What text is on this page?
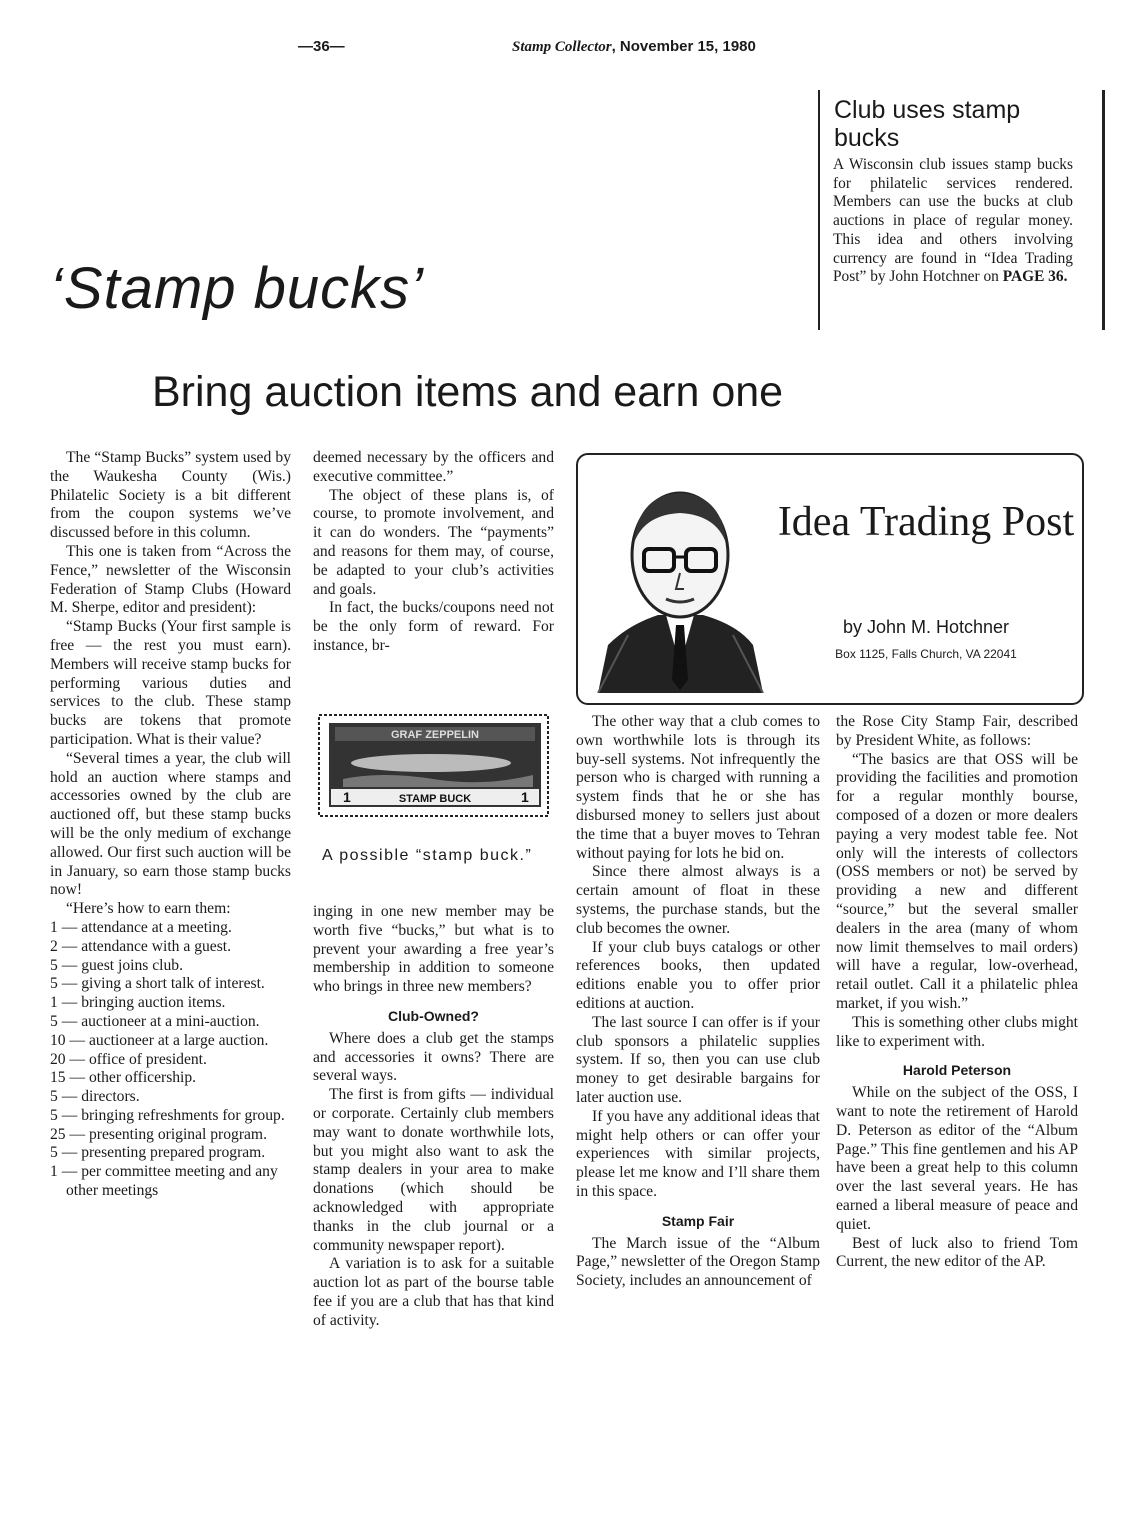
—36—	Stamp Collector, November 15, 1980
Club uses stamp bucks
A Wisconsin club issues stamp bucks for philatelic services rendered. Members can use the bucks at club auctions in place of regular money. This idea and others involving currency are found in “Idea Trading Post” by John Hotchner on PAGE 36.
‘Stamp bucks’
Bring auction items and earn one

The “Stamp Bucks” system used by the Waukesha County (Wis.) Philatelic Society is a bit different from the coupon systems we’ve discussed before in this column.

This one is taken from “Across the Fence,” newsletter of the Wisconsin Federation of Stamp Clubs (Howard M. Sherpe, editor and president):

“Stamp Bucks (Your first sample is free — the rest you must earn). Members will receive stamp bucks for performing various duties and services to the club. These stamp bucks are tokens that promote participation. What is their value?

“Several times a year, the club will hold an auction where stamps and accessories owned by the club are auctioned off, but these stamp bucks will be the only medium of exchange allowed. Our first such auction will be in January, so earn those stamp bucks now!

“Here’s how to earn them:

1 — attendance at a meeting.

2 — attendance with a guest.

5 — guest joins club.

5 — giving a short talk of interest.

1 — bringing auction items.

5 — auctioneer at a mini-auction.

10 — auctioneer at a large auction.

20 — office of president.

15 — other officership.

5 — directors.

5 — bringing refreshments for group.

25 — presenting original program.

5 — presenting prepared program.

1 — per committee meeting and any other meetings

deemed necessary by the officers and executive committee.”

The object of these plans is, of course, to promote involvement, and it can do wonders. The “payments” and reasons for them may, of course, be adapted to your club’s activities and goals.

In fact, the bucks/coupons need not be the only form of reward. For instance, br-

GRAF ZEPPELIN
1	STAMP BUCK	1
A possible “stamp buck.”

inging in one new member may be worth five “bucks,” but what is to prevent your awarding a free year’s membership in addition to someone who brings in three new members?

Club-Owned?

Where does a club get the stamps and accessories it owns? There are several ways.

The first is from gifts — individual or corporate. Certainly club members may want to donate worthwhile lots, but you might also want to ask the stamp dealers in your area to make donations (which should be acknowledged with appropriate thanks in the club journal or a community newspaper report).

A variation is to ask for a suitable auction lot as part of the bourse table fee if you are a club that has that kind of activity.

Idea Trading Post
by John M. Hotchner
Box 1125, Falls Church, VA 22041

The other way that a club comes to own worthwhile lots is through its buy-sell systems. Not infrequently the person who is charged with running a system finds that he or she has disbursed money to sellers just about the time that a buyer moves to Tehran without paying for lots he bid on.

Since there almost always is a certain amount of float in these systems, the purchase stands, but the club becomes the owner.

If your club buys catalogs or other references books, then updated editions enable you to offer prior editions at auction.

The last source I can offer is if your club sponsors a philatelic supplies system. If so, then you can use club money to get desirable bargains for later auction use.

If you have any additional ideas that might help others or can offer your experiences with similar projects, please let me know and I’ll share them in this space.

Stamp Fair

The March issue of the “Album Page,” newsletter of the Oregon Stamp Society, includes an announcement of

the Rose City Stamp Fair, described by President White, as follows:

“The basics are that OSS will be providing the facilities and promotion for a regular monthly bourse, composed of a dozen or more dealers paying a very modest table fee. Not only will the interests of collectors (OSS members or not) be served by providing a new and different “source,” but the several smaller dealers in the area (many of whom now limit themselves to mail orders) will have a regular, low-overhead, retail outlet. Call it a philatelic phlea market, if you wish.”

This is something other clubs might like to experiment with.

Harold Peterson

While on the subject of the OSS, I want to note the retirement of Harold D. Peterson as editor of the “Album Page.” This fine gentlemen and his AP have been a great help to this column over the last several years. He has earned a liberal measure of peace and quiet.

Best of luck also to friend Tom Current, the new editor of the AP.
